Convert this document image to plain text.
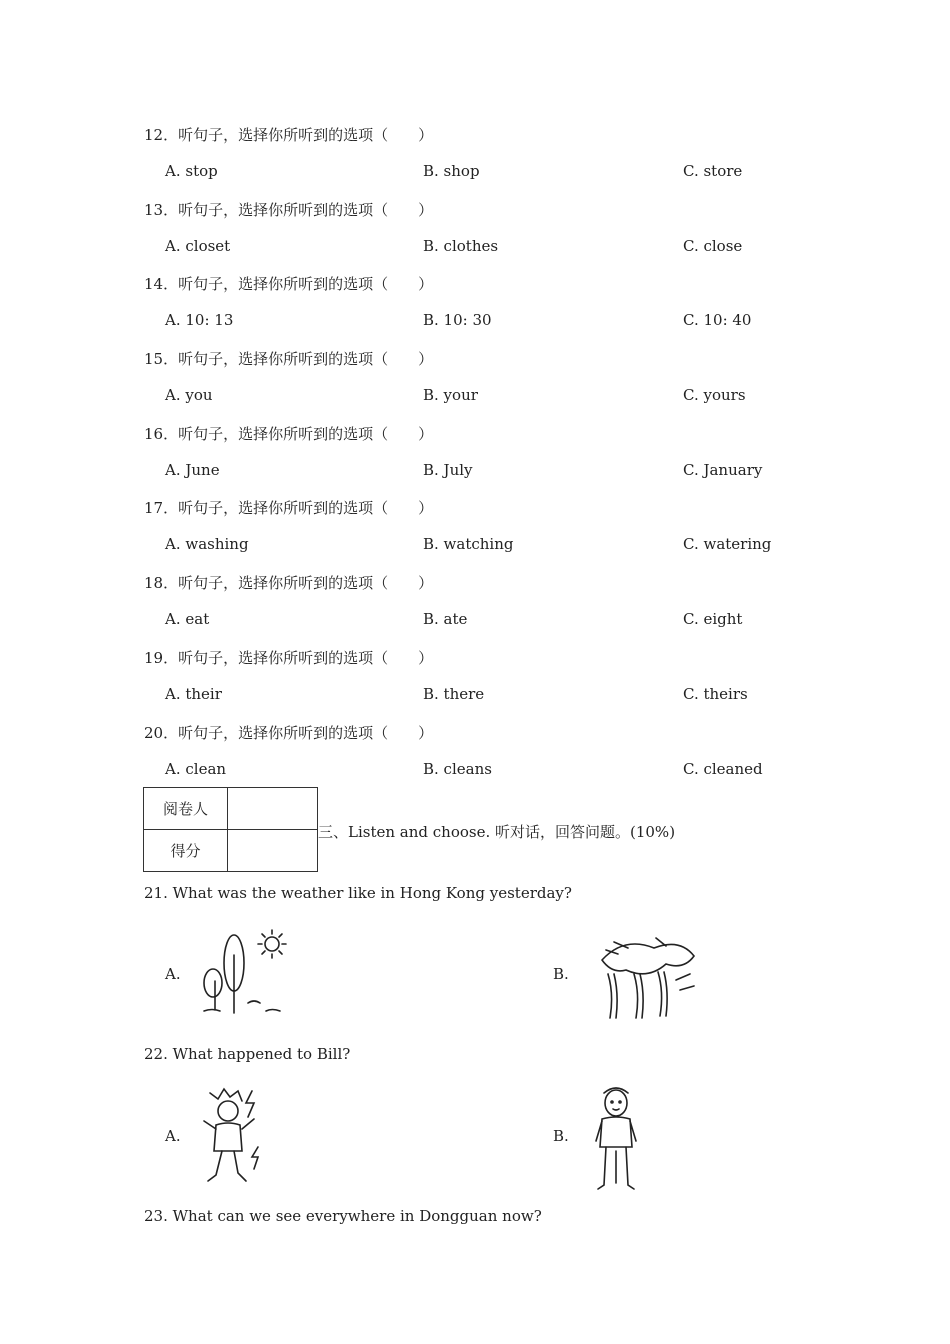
12．听句子，选择你所听到的选项（　　）
A. stop	B. shop	C. store
13．听句子，选择你所听到的选项（　　）
A. closet	B. clothes	C. close
14．听句子，选择你所听到的选项（　　）
A. 10: 13	B. 10: 30	C. 10: 40
15．听句子，选择你所听到的选项（　　）
A. you	B. your	C. yours
16．听句子，选择你所听到的选项（　　）
A. June	B. July	C. January
17．听句子，选择你所听到的选项（　　）
A. washing	B. watching	C. watering
18．听句子，选择你所听到的选项（　　）
A. eat	B. ate	C. eight
19．听句子，选择你所听到的选项（　　）
A. their	B. there	C. theirs
20．听句子，选择你所听到的选项（　　）
A. clean	B. cleans	C. cleaned
阅卷人	
得分	
三、Listen and choose. 听对话，回答问题。(10%)
21. What was the weather like in Hong Kong yesterday?
A.	B.
22. What happened to Bill?
A.	B.
23. What can we see everywhere in Dongguan now?
